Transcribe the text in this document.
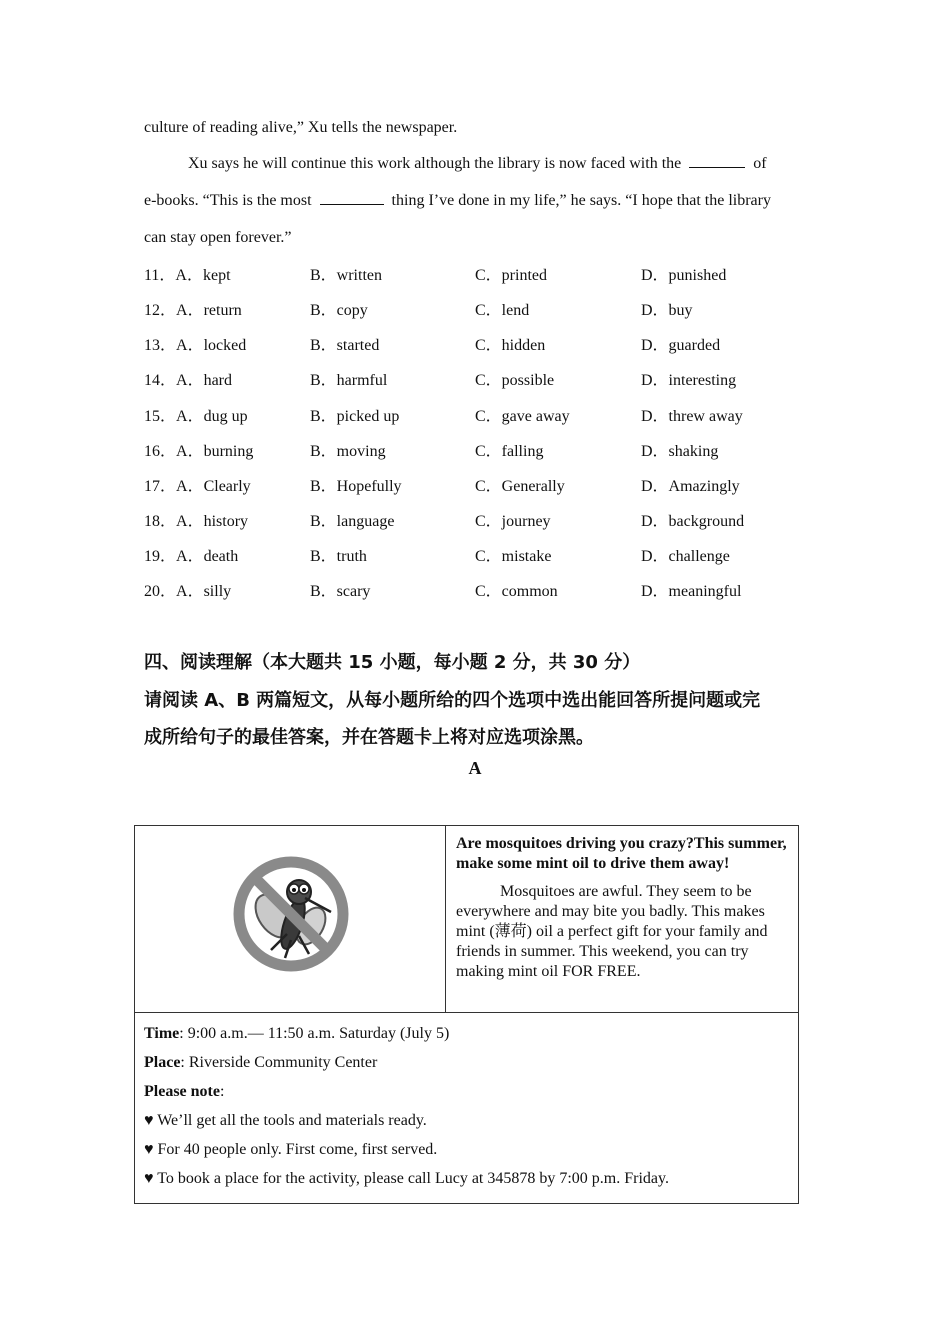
culture of reading alive,” Xu tells the newspaper.
Xu says he will continue this work although the library is now faced with the	of
e-books. “This is the most	thing I’ve done in my life,” he says. “I hope that the library
can stay open forever.”
11．A．kept	B．written	C．printed	D．punished
12．A．return	B．copy	C．lend	D．buy
13．A．locked	B．started	C．hidden	D．guarded
14．A．hard	B．harmful	C．possible	D．interesting
15．A．dug up	B．picked up	C．gave away	D．threw away
16．A．burning	B．moving	C．falling	D．shaking
17．A．Clearly	B．Hopefully	C．Generally	D．Amazingly
18．A．history	B．language	C．journey	D．background
19．A．death	B．truth	C．mistake	D．challenge
20．A．silly	B．scary	C．common	D．meaningful
四、阅读理解（本大题共 15 小题，每小题 2 分，共 30 分）
请阅读 A、B 两篇短文，从每小题所给的四个选项中选出能回答所提问题或完
成所给句子的最佳答案，并在答题卡上将对应选项涂黑。
A

Are mosquitoes driving you crazy?This summer, make some mint oil to drive them away!
Mosquitoes are awful. They seem to be everywhere and may bite you badly. This makes mint (薄荷) oil a perfect gift for your family and friends in summer. This weekend, you can try making mint oil FOR FREE.

Time: 9:00 a.m.— 11:50 a.m. Saturday (July 5)
Place: Riverside Community Center
Please note:
♥ We’ll get all the tools and materials ready.
♥ For 40 people only. First come, first served.
♥ To book a place for the activity, please call Lucy at 345878 by 7:00 p.m. Friday.
